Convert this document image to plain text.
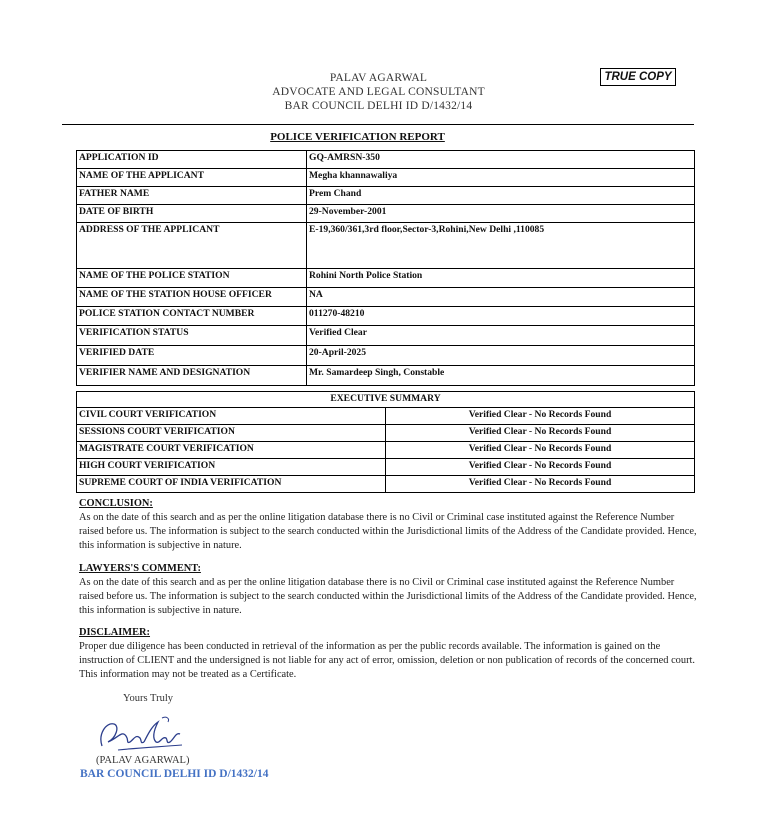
PALAV AGARWAL
ADVOCATE AND LEGAL CONSULTANT
BAR COUNCIL DELHI ID D/1432/14
TRUE COPY
POLICE VERIFICATION REPORT
APPLICATION ID	GQ-AMRSN-350
NAME OF THE APPLICANT	Megha khannawaliya
FATHER NAME	Prem Chand
DATE OF BIRTH	29-November-2001
ADDRESS OF THE APPLICANT	E-19,360/361,3rd floor,Sector-3,Rohini,New Delhi ,110085
NAME OF THE POLICE STATION	Rohini North Police Station
NAME OF THE STATION HOUSE OFFICER	NA
POLICE STATION CONTACT NUMBER	011270-48210
VERIFICATION STATUS	Verified Clear
VERIFIED DATE	20-April-2025
VERIFIER NAME AND DESIGNATION	Mr. Samardeep Singh, Constable
EXECUTIVE SUMMARY	
CIVIL COURT VERIFICATION	Verified Clear - No Records Found
SESSIONS COURT VERIFICATION	Verified Clear - No Records Found
MAGISTRATE COURT VERIFICATION	Verified Clear - No Records Found
HIGH COURT VERIFICATION	Verified Clear - No Records Found
SUPREME COURT OF INDIA VERIFICATION	Verified Clear - No Records Found
CONCLUSION:
As on the date of this search and as per the online litigation database there is no Civil or Criminal case instituted against the Reference Number raised before us. The information is subject to the search conducted within the Jurisdictional limits of the Address of the Candidate provided. Hence, this information is subjective in nature.
LAWYERS'S COMMENT:
As on the date of this search and as per the online litigation database there is no Civil or Criminal case instituted against the Reference Number raised before us. The information is subject to the search conducted within the Jurisdictional limits of the Address of the Candidate provided. Hence, this information is subjective in nature.
DISCLAIMER:
Proper due diligence has been conducted in retrieval of the information as per the public records available. The information is gained on the instruction of CLIENT and the undersigned is not liable for any act of error, omission, deletion or non publication of records of the concerned court. This information may not be treated as a Certificate.
Yours Truly
(PALAV AGARWAL)
BAR COUNCIL DELHI ID D/1432/14
